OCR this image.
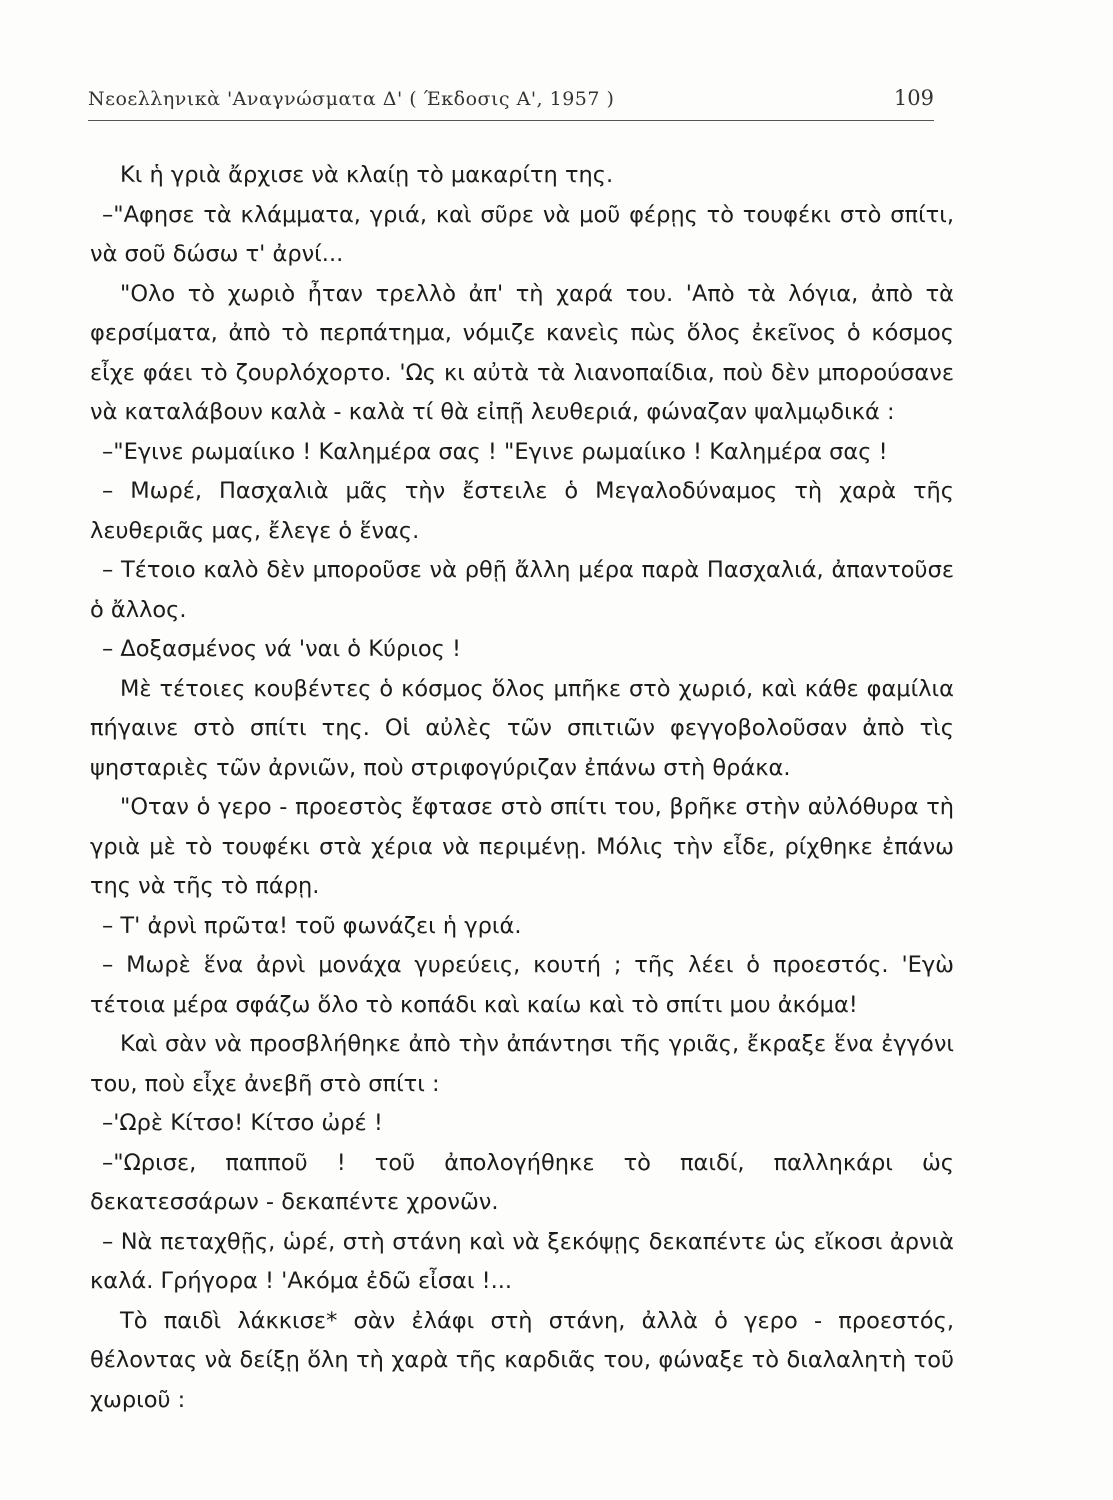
Νεοελληνικὰ 'Αναγνώσματα Δ' ( Έκδοσις Α', 1957 )	109

Κι ἡ γριὰ ἄρχισε νὰ κλαίῃ τὸ μακαρίτη της.

–"Αφησε τὰ κλάμματα, γριά, καὶ σῦρε νὰ μοῦ φέρῃς τὸ τουφέκι στὸ σπίτι, νὰ σοῦ δώσω τ' ἀρνί...

"Ολο τὸ χωριὸ ἦταν τρελλὸ ἀπ' τὴ χαρά του. 'Απὸ τὰ λόγια, ἀπὸ τὰ φερσίματα, ἀπὸ τὸ περπάτημα, νόμιζε κανεὶς πὼς ὅλος ἐκεῖνος ὁ κόσμος εἶχε φάει τὸ ζουρλόχορτο. 'Ως κι αὐτὰ τὰ λιανοπαίδια, ποὺ δὲν μπορούσανε νὰ καταλάβουν καλὰ - καλὰ τί θὰ εἰπῇ λευθεριά, φώναζαν ψαλμῳδικά :

–"Εγινε ρωμαίικο ! Καλημέρα σας ! "Εγινε ρωμαίικο ! Καλημέρα σας !

– Μωρέ, Πασχαλιὰ μᾶς τὴν ἔστειλε ὁ Μεγαλοδύναμος τὴ χαρὰ τῆς λευθεριᾶς μας, ἔλεγε ὁ ἕνας.

– Τέτοιο καλὸ δὲν μποροῦσε νὰ ρθῇ ἄλλη μέρα παρὰ Πασχαλιά, ἀπαντοῦσε ὁ ἄλλος.

– Δοξασμένος νά 'ναι ὁ Κύριος !

Μὲ τέτοιες κουβέντες ὁ κόσμος ὅλος μπῆκε στὸ χωριό, καὶ κάθε φαμίλια πήγαινε στὸ σπίτι της. Οἱ αὐλὲς τῶν σπιτιῶν φεγγοβολοῦσαν ἀπὸ τὶς ψησταριὲς τῶν ἀρνιῶν, ποὺ στριφογύριζαν ἐπάνω στὴ θράκα.

"Οταν ὁ γερο - προεστὸς ἔφτασε στὸ σπίτι του, βρῆκε στὴν αὐλόθυρα τὴ γριὰ μὲ τὸ τουφέκι στὰ χέρια νὰ περιμένῃ. Μόλις τὴν εἶδε, ρίχθηκε ἐπάνω της νὰ τῆς τὸ πάρῃ.

– Τ' ἀρνὶ πρῶτα! τοῦ φωνάζει ἡ γριά.

– Μωρὲ ἕνα ἀρνὶ μονάχα γυρεύεις, κουτή ; τῆς λέει ὁ προεστός. 'Εγὼ τέτοια μέρα σφάζω ὅλο τὸ κοπάδι καὶ καίω καὶ τὸ σπίτι μου ἀκόμα!

Καὶ σὰν νὰ προσβλήθηκε ἀπὸ τὴν ἀπάντησι τῆς γριᾶς, ἔκραξε ἕνα ἐγγόνι του, ποὺ εἶχε ἀνεβῆ στὸ σπίτι :

–'Ωρὲ Κίτσο! Κίτσο ὠρέ !

–"Ωρισε, παπποῦ ! τοῦ ἀπολογήθηκε τὸ παιδί, παλληκάρι ὡς δεκατεσσάρων - δεκαπέντε χρονῶν.

– Νὰ πεταχθῇς, ὡρέ, στὴ στάνη καὶ νὰ ξεκόψῃς δεκαπέντε ὡς εἴκοσι ἀρνιὰ καλά. Γρήγορα ! 'Ακόμα ἐδῶ εἶσαι !...

Τὸ παιδὶ λάκκισε* σὰν ἐλάφι στὴ στάνη, ἀλλὰ ὁ γερο - προεστός, θέλοντας νὰ δείξῃ ὅλη τὴ χαρὰ τῆς καρδιᾶς του, φώναξε τὸ διαλαλητὴ τοῦ χωριοῦ :
